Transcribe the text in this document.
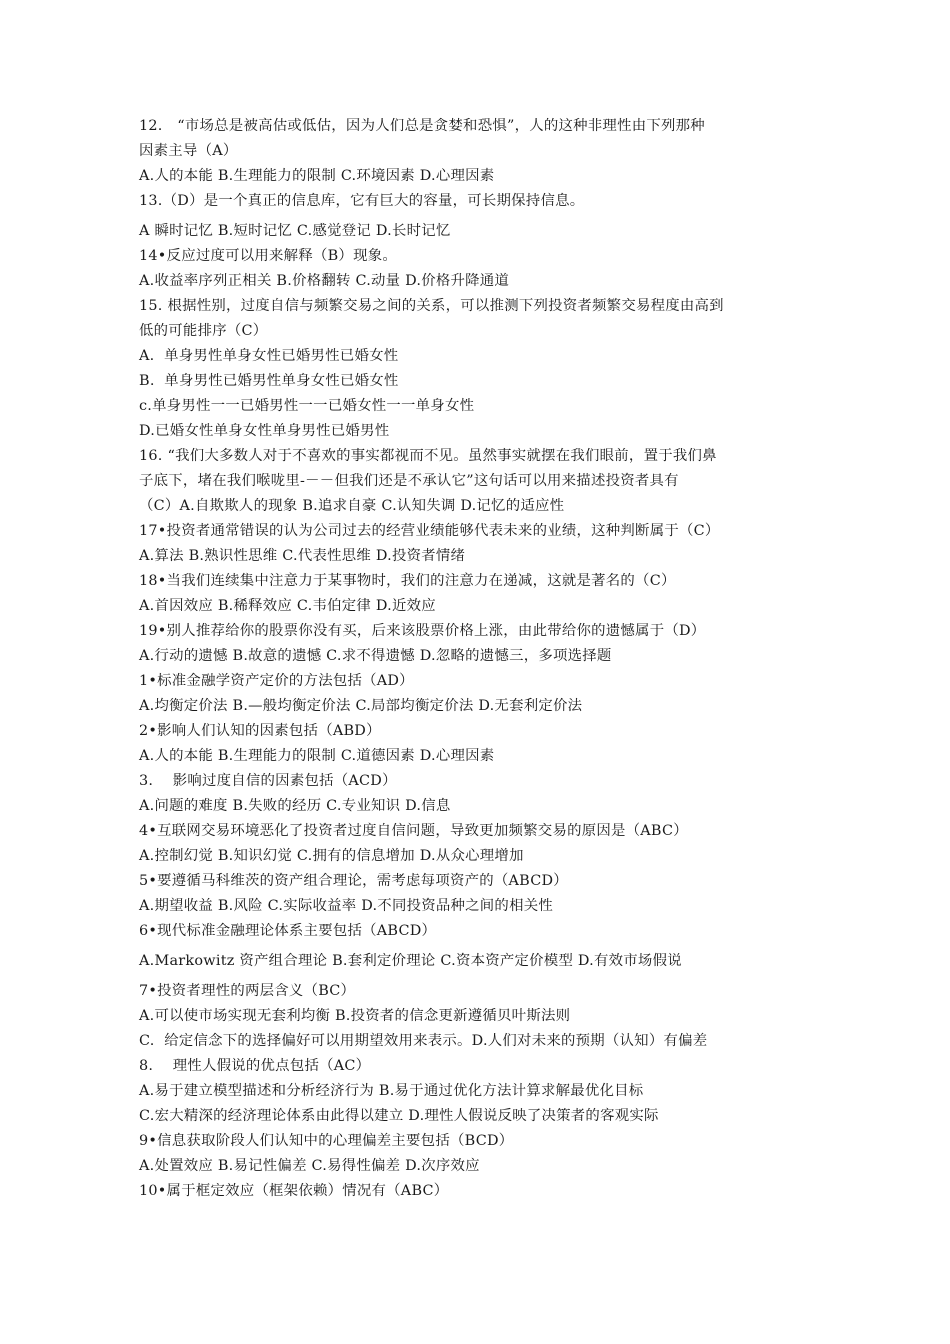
12.　“市场总是被高估或低估，因为人们总是贪婪和恐惧”，人的这种非理性由下列那种
因素主导（A）
A.人的本能 B.生理能力的限制 C.环境因素 D.心理因素
13.（D）是一个真正的信息库，它有巨大的容量，可长期保持信息。
A 瞬时记忆 B.短时记忆 C.感觉登记 D.长时记忆
14•反应过度可以用来解释（B）现象。
A.收益率序列正相关 B.价格翻转 C.动量 D.价格升降通道
15. 根据性别，过度自信与频繁交易之间的关系，可以推测下列投资者频繁交易程度由高到
低的可能排序（C）
A.  单身男性单身女性已婚男性已婚女性
B.  单身男性已婚男性单身女性已婚女性
c.单身男性一一已婚男性一一已婚女性一一单身女性
D.已婚女性单身女性单身男性已婚男性
16. “我们大多数人对于不喜欢的事实都视而不见。虽然事实就摆在我们眼前，置于我们鼻
子底下，堵在我们喉咙里-－－但我们还是不承认它”这句话可以用来描述投资者具有
（C）A.自欺欺人的现象 B.追求自豪 C.认知失调 D.记忆的适应性
17•投资者通常错误的认为公司过去的经营业绩能够代表未来的业绩，这种判断属于（C）
A.算法 B.熟识性思维 C.代表性思维 D.投资者情绪
18•当我们连续集中注意力于某事物时，我们的注意力在递减，这就是著名的（C）
A.首因效应 B.稀释效应 C.韦伯定律 D.近效应
19•别人推荐给你的股票你没有买，后来该股票价格上涨，由此带给你的遗憾属于（D）
A.行动的遗憾 B.故意的遗憾 C.求不得遗憾 D.忽略的遗憾三，多项选择题
1•标准金融学资产定价的方法包括（AD）
A.均衡定价法 B.—般均衡定价法 C.局部均衡定价法 D.无套利定价法
2•影响人们认知的因素包括（ABD）
A.人的本能 B.生理能力的限制 C.道德因素 D.心理因素
3.　 影响过度自信的因素包括（ACD）
A.问题的难度 B.失败的经历 C.专业知识 D.信息
4•互联网交易环境恶化了投资者过度自信问题，导致更加频繁交易的原因是（ABC）
A.控制幻觉 B.知识幻觉 C.拥有的信息增加 D.从众心理增加
5•要遵循马科维茨的资产组合理论，需考虑每项资产的（ABCD）
A.期望收益 B.风险 C.实际收益率 D.不同投资品种之间的相关性
6•现代标准金融理论体系主要包括（ABCD）
A.Markowitz 资产组合理论 B.套利定价理论 C.资本资产定价模型 D.有效市场假说
7•投资者理性的两层含义（BC）
A.可以使市场实现无套利均衡 B.投资者的信念更新遵循贝叶斯法则
C.  给定信念下的选择偏好可以用期望效用来表示。D.人们对未来的预期（认知）有偏差
8.　 理性人假说的优点包括（AC）
A.易于建立模型描述和分析经济行为 B.易于通过优化方法计算求解最优化目标
C.宏大精深的经济理论体系由此得以建立 D.理性人假说反映了决策者的客观实际
9•信息获取阶段人们认知中的心理偏差主要包括（BCD）
A.处置效应 B.易记性偏差 C.易得性偏差 D.次序效应
10•属于框定效应（框架依赖）情况有（ABC）
